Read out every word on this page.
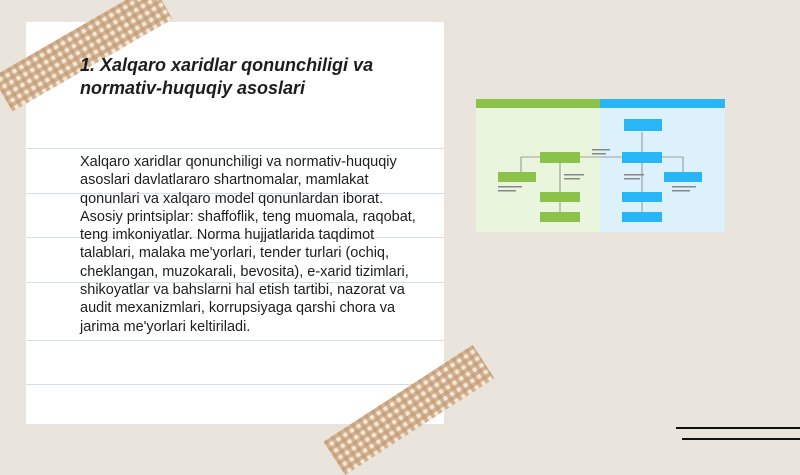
1. Xalqaro xaridlar qonunchiligi va normativ-huquqiy asoslari

Xalqaro xaridlar qonunchiligi va normativ-huquqiy asoslari davlatlararo shartnomalar, mamlakat qonunlari va xalqaro model qonunlardan iborat. Asosiy printsiplar: shaffoflik, teng muomala, raqobat, teng imkoniyatlar. Norma hujjatlarida taqdimot talablari, malaka me'yorlari, tender turlari (ochiq, cheklangan, muzokarali, bevosita), e-xarid tizimlari, shikoyatlar va bahslarni hal etish tartibi, nazorat va audit mexanizmlari, korrupsiyaga qarshi chora va jarima me'yorlari keltiriladi.
